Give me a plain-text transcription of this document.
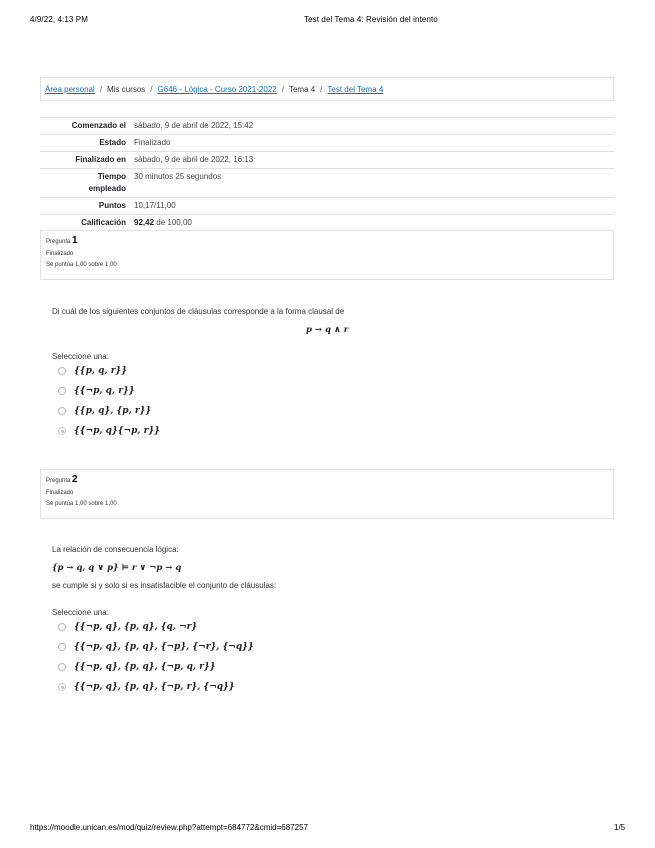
4/9/22, 4:13 PM	Test del Tema 4: Revisión del intento
Área personal / Mis cursos / G646 - Lógica - Curso 2021-2022 / Tema 4 / Test del Tema 4
Comenzado el	sábado, 9 de abril de 2022, 15:42
Estado	Finalizado
Finalizado en	sábado, 9 de abril de 2022, 16:13
Tiempo
empleado	30 minutos 25 segundos
Puntos	10,17/11,00
Calificación	92,42 de 100,00
Pregunta 1
Finalizado
Se puntúa 1,00 sobre 1,00
Di cuál de los siguientes conjuntos de cláusulas corresponde a la forma clausal de
p → q ∧ r
Seleccione una:
{{p, q, r}}
{{¬p, q, r}}
{{p, q}, {p, r}}
{{¬p, q}{¬p, r}}
Pregunta 2
Finalizado
Se puntúa 1,00 sobre 1,00
La relación de consecuencia lógica:
{p → q, q ∨ p} ⊨ r ∨ ¬p → q
se cumple si y solo si es insatisfacible el conjunto de cláusulas:
Seleccione una:
{{¬p, q}, {p, q}, {q, ¬r}
{{¬p, q}, {p, q}, {¬p}, {¬r}, {¬q}}
{{¬p, q}, {p, q}, {¬p, q, r}}
{{¬p, q}, {p, q}, {¬p, r}, {¬q}}
https://moodle.unican.es/mod/quiz/review.php?attempt=684772&cmid=687257	1/5
